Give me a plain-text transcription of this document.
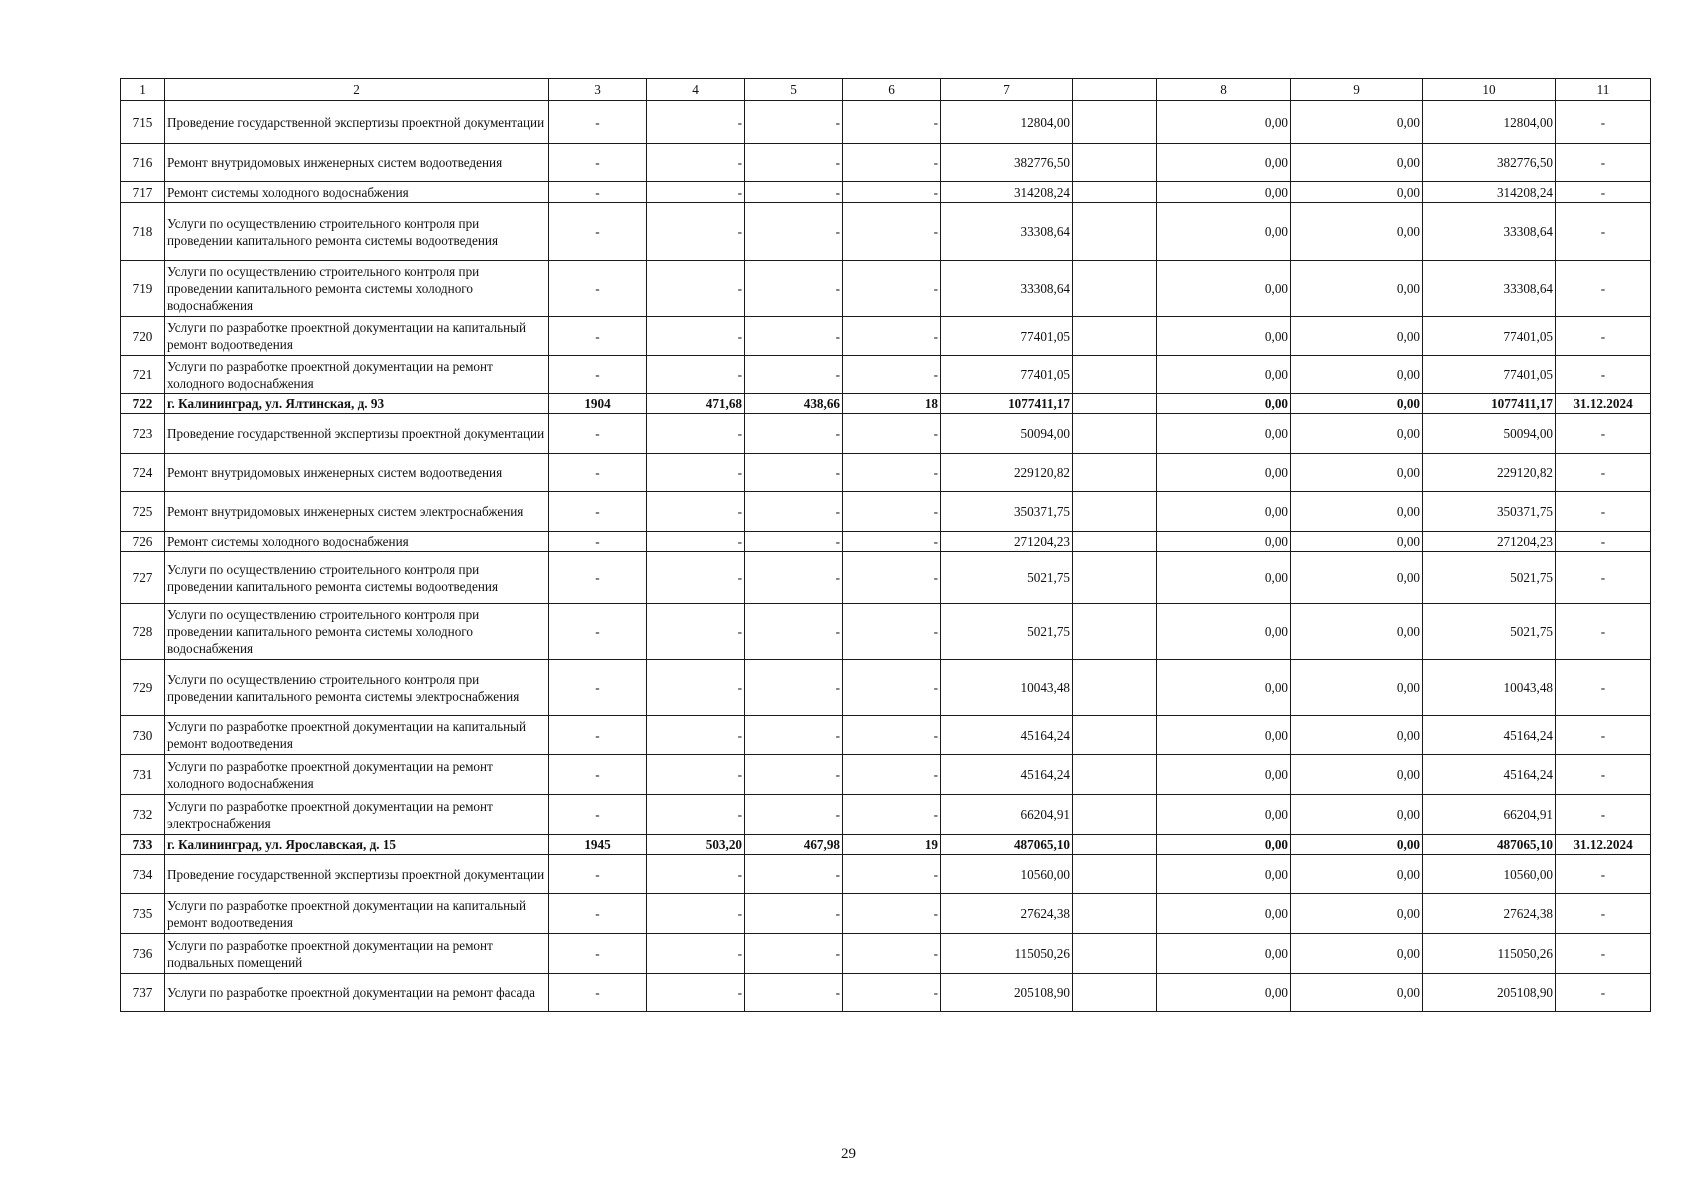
1	2	3	4	5	6	7		8	9	10	11
715	Проведение государственной экспертизы проектной документации	-	-	-	-	12804,00		0,00	0,00	12804,00	-
716	Ремонт внутридомовых инженерных систем водоотведения	-	-	-	-	382776,50		0,00	0,00	382776,50	-
717	Ремонт системы холодного водоснабжения	-	-	-	-	314208,24		0,00	0,00	314208,24	-
718	Услуги по осуществлению строительного контроля при проведении капитального ремонта системы водоотведения	-	-	-	-	33308,64		0,00	0,00	33308,64	-
719	Услуги по осуществлению строительного контроля при проведении капитального ремонта системы холодного водоснабжения	-	-	-	-	33308,64		0,00	0,00	33308,64	-
720	Услуги по разработке проектной документации на капитальный ремонт водоотведения	-	-	-	-	77401,05		0,00	0,00	77401,05	-
721	Услуги по разработке проектной документации на ремонт холодного водоснабжения	-	-	-	-	77401,05		0,00	0,00	77401,05	-
722	г. Калининград, ул. Ялтинская, д. 93	1904	471,68	438,66	18	1077411,17		0,00	0,00	1077411,17	31.12.2024
723	Проведение государственной экспертизы проектной документации	-	-	-	-	50094,00		0,00	0,00	50094,00	-
724	Ремонт внутридомовых инженерных систем водоотведения	-	-	-	-	229120,82		0,00	0,00	229120,82	-
725	Ремонт внутридомовых инженерных систем электроснабжения	-	-	-	-	350371,75		0,00	0,00	350371,75	-
726	Ремонт системы холодного водоснабжения	-	-	-	-	271204,23		0,00	0,00	271204,23	-
727	Услуги по осуществлению строительного контроля при проведении капитального ремонта системы водоотведения	-	-	-	-	5021,75		0,00	0,00	5021,75	-
728	Услуги по осуществлению строительного контроля при проведении капитального ремонта системы холодного водоснабжения	-	-	-	-	5021,75		0,00	0,00	5021,75	-
729	Услуги по осуществлению строительного контроля при проведении капитального ремонта системы электроснабжения	-	-	-	-	10043,48		0,00	0,00	10043,48	-
730	Услуги по разработке проектной документации на капитальный ремонт водоотведения	-	-	-	-	45164,24		0,00	0,00	45164,24	-
731	Услуги по разработке проектной документации на ремонт холодного водоснабжения	-	-	-	-	45164,24		0,00	0,00	45164,24	-
732	Услуги по разработке проектной документации на ремонт электроснабжения	-	-	-	-	66204,91		0,00	0,00	66204,91	-
733	г. Калининград, ул. Ярославская, д. 15	1945	503,20	467,98	19	487065,10		0,00	0,00	487065,10	31.12.2024
734	Проведение государственной экспертизы проектной документации	-	-	-	-	10560,00		0,00	0,00	10560,00	-
735	Услуги по разработке проектной документации на капитальный ремонт водоотведения	-	-	-	-	27624,38		0,00	0,00	27624,38	-
736	Услуги по разработке проектной документации на ремонт подвальных помещений	-	-	-	-	115050,26		0,00	0,00	115050,26	-
737	Услуги по разработке проектной документации на ремонт фасада	-	-	-	-	205108,90		0,00	0,00	205108,90	-
29
